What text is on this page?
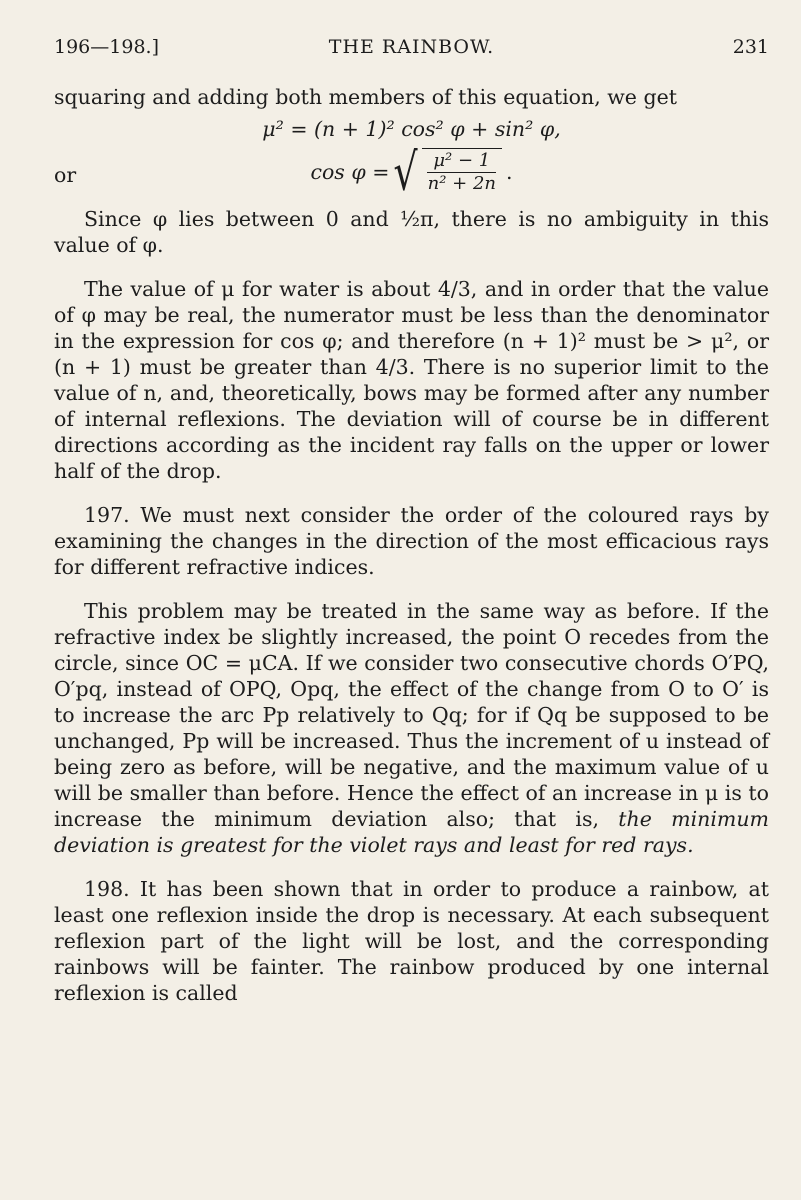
196—198.]	THE RAINBOW.	231

squaring and adding both members of this equation, we get

μ² = (n + 1)² cos² φ + sin² φ,
or	cos φ = √ $\frac{\text{μ² − 1}}{\text{n² + 2n}}$ .

Since φ lies between 0 and ½π, there is no ambiguity in this value of φ.

The value of μ for water is about 4/3, and in order that the value of φ may be real, the numerator must be less than the denominator in the expression for cos φ; and therefore (n + 1)² must be > μ², or (n + 1) must be greater than 4/3. There is no superior limit to the value of n, and, theoretically, bows may be formed after any number of internal reflexions. The deviation will of course be in different directions according as the incident ray falls on the upper or lower half of the drop.

197. We must next consider the order of the coloured rays by examining the changes in the direction of the most efficacious rays for different refractive indices.

This problem may be treated in the same way as before. If the refractive index be slightly increased, the point O recedes from the circle, since OC = μCA. If we consider two consecutive chords O′PQ, O′pq, instead of OPQ, Opq, the effect of the change from O to O′ is to increase the arc Pp relatively to Qq; for if Qq be supposed to be unchanged, Pp will be increased. Thus the increment of u instead of being zero as before, will be negative, and the maximum value of u will be smaller than before. Hence the effect of an increase in μ is to increase the minimum deviation also; that is, the minimum deviation is greatest for the violet rays and least for red rays.

198. It has been shown that in order to produce a rainbow, at least one reflexion inside the drop is necessary. At each subsequent reflexion part of the light will be lost, and the corresponding rainbows will be fainter. The rainbow produced by one internal reflexion is called
